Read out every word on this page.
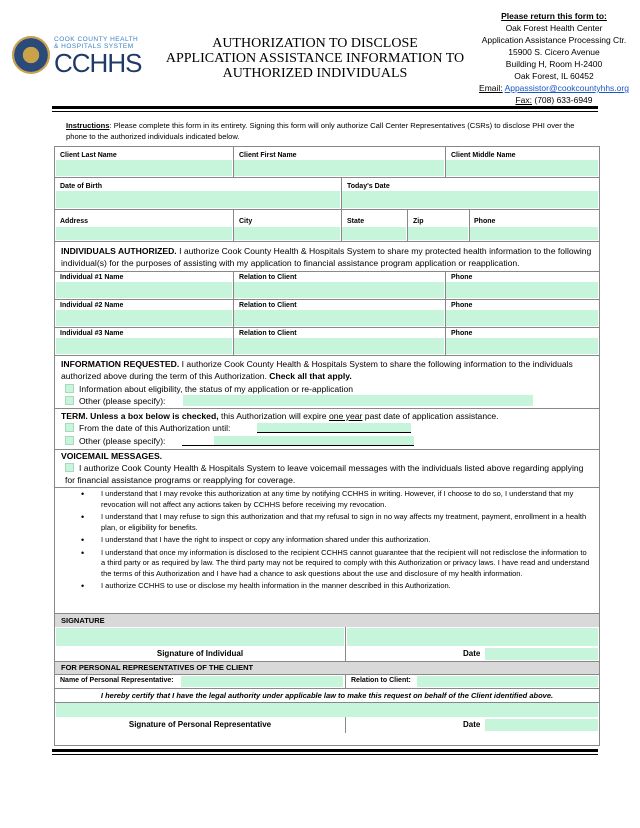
COOK COUNTY HEALTH
& HOSPITALS SYSTEM
CCHHS
AUTHORIZATION TO DISCLOSE
APPLICATION ASSISTANCE INFORMATION TO
AUTHORIZED INDIVIDUALS
Please return this form to:
Oak Forest Health Center
Application Assistance Processing Ctr.
15900 S. Cicero Avenue
Building H, Room H-2400
Oak Forest, IL 60452
Email: Appassistor@cookcountyhhs.org
Fax: (708) 633-6949
Instructions: Please complete this form in its entirety. Signing this form will only authorize Call Center Representatives (CSRs) to disclose PHI over the phone to the authorized individuals indicated below.
Client Last Name	Client First Name	Client Middle Name
Date of Birth	Today's Date
Address	City	State	Zip	Phone
INDIVIDUALS AUTHORIZED. I authorize Cook County Health & Hospitals System to share my protected health information to the following individual(s) for the purposes of assisting with my application to financial assistance program application or reapplication.
Individual #1 Name	Relation to Client	Phone
Individual #2 Name	Relation to Client	Phone
Individual #3 Name	Relation to Client	Phone
INFORMATION REQUESTED. I authorize Cook County Health & Hospitals System to share the following information to the individuals authorized above during the term of this Authorization. Check all that apply.
Information about eligibility, the status of my application or re-application
Other (please specify):
TERM. Unless a box below is checked, this Authorization will expire one year past date of application assistance.
From the date of this Authorization until:
Other (please specify):
VOICEMAIL MESSAGES.
I authorize Cook County Health & Hospitals System to leave voicemail messages with the individuals listed above regarding applying for financial assistance programs or reapplying for coverage.
• I understand that I may revoke this authorization at any time by notifying CCHHS in writing. However, if I choose to do so, I understand that my revocation will not affect any actions taken by CCHHS before receiving my revocation.
• I understand that I may refuse to sign this authorization and that my refusal to sign in no way affects my treatment, payment, enrollment in a health plan, or eligibility for benefits.
• I understand that I have the right to inspect or copy any information shared under this authorization.
• I understand that once my information is disclosed to the recipient CCHHS cannot guarantee that the recipient will not redisclose the information to a third party or as required by law. The third party may not be required to comply with this Authorization or privacy laws. I have read and understand the terms of this Authorization and I have had a chance to ask questions about the use and disclosure of my health information.
• I authorize CCHHS to use or disclose my health information in the manner described in this Authorization.
SIGNATURE
Signature of Individual	Date
FOR PERSONAL REPRESENTATIVES OF THE CLIENT
Name of Personal Representative:	Relation to Client:
I hereby certify that I have the legal authority under applicable law to make this request on behalf of the Client identified above.
Signature of Personal Representative	Date
